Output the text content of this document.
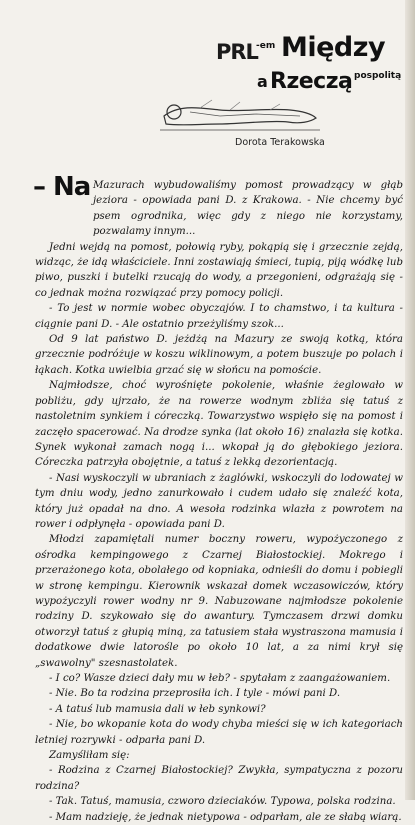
PRL
-em Między
a Rzeczą pospolitą
Dorota Terakowska
– Na Mazurach wybudowaliśmy pomost prowadzący w głąb jeziora - opowiada pani D. z Krakowa. - Nie chcemy być psem ogrodnika, więc gdy z niego nie korzystamy, pozwalamy innym...

Jedni wejdą na pomost, połowią ryby, pokąpią się i grzecznie zejdą, widząc, że idą właściciele. Inni zostawiają śmieci, tupią, piją wódkę lub piwo, puszki i butelki rzucają do wody, a przegonieni, odgrażają się - co jednak można rozwiązać przy pomocy policji.

- To jest w normie wobec obyczajów. I to chamstwo, i ta kultura - ciągnie pani D. - Ale ostatnio przeżyliśmy szok...

Od 9 lat państwo D. jeżdżą na Mazury ze swoją kotką, która grzecznie podróżuje w koszu wiklinowym, a potem buszuje po polach i łąkach. Kotka uwielbia grzać się w słońcu na pomoście.

Najmłodsze, choć wyrośnięte pokolenie, właśnie żeglowało w pobliżu, gdy ujrzało, że na rowerze wodnym zbliża się tatuś z nastoletnim synkiem i córeczką. Towarzystwo wspięło się na pomost i zaczęło spacerować. Na drodze synka (lat około 16) znalazła się kotka. Synek wykonał zamach nogą i... wkopał ją do głębokiego jeziora. Córeczka patrzyła obojętnie, a tatuś z lekką dezorientacją.

- Nasi wyskoczyli w ubraniach z żaglówki, wskoczyli do lodowatej w tym dniu wody, jedno zanurkowało i cudem udało się znaleźć kota, który już opadał na dno. A wesoła rodzinka wlazła z powrotem na rower i odpłynęła - opowiada pani D.

Młodzi zapamiętali numer boczny roweru, wypożyczonego z ośrodka kempingowego z Czarnej Białostockiej. Mokrego i przerażonego kota, obolałego od kopniaka, odnieśli do domu i pobiegli w stronę kempingu. Kierownik wskazał domek wczasowiczów, który wypożyczyli rower wodny nr 9. Nabuzowane najmłodsze pokolenie rodziny D. szykowało się do awantury. Tymczasem drzwi domku otworzył tatuś z głupią miną, za tatusiem stała wystraszona mamusia i dodatkowe dwie latorośle po około 10 lat, a za nimi krył się „swawolny" szesnastolatek.

- I co? Wasze dzieci dały mu w łeb? - spytałam z zaangażowaniem.

- Nie. Bo ta rodzina przeprosiła ich. I tyle - mówi pani D.

- A tatuś lub mamusia dali w łeb synkowi?

- Nie, bo wkopanie kota do wody chyba mieści się w ich kategoriach letniej rozrywki - odparła pani D.

Zamyśliłam się:

- Rodzina z Czarnej Białostockiej? Zwykła, sympatyczna z pozoru rodzina?

- Tak. Tatuś, mamusia, czworo dzieciaków. Typowa, polska rodzina.

- Mam nadzieję, że jednak nietypowa - odparłam, ale ze słabą wiarą.
